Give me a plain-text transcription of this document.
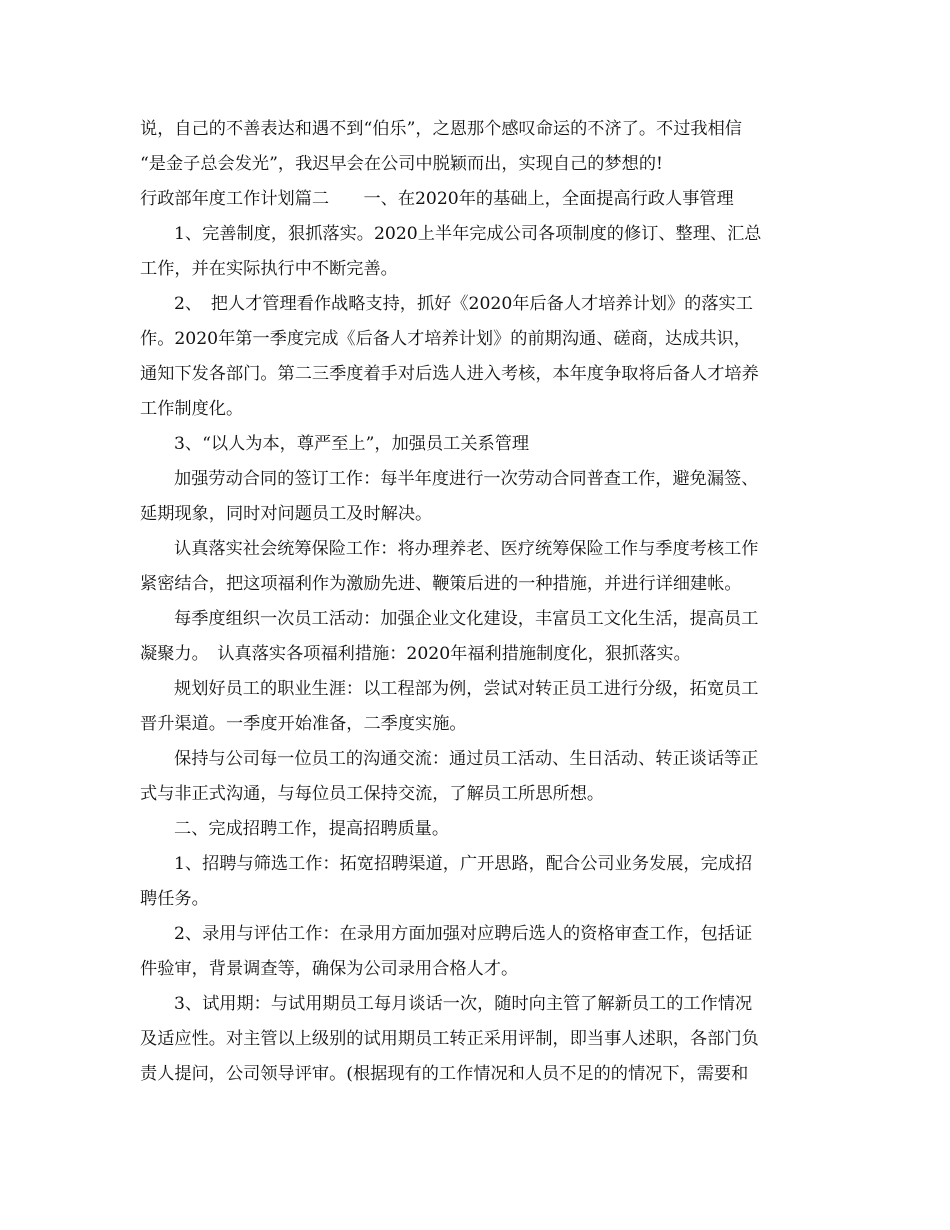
说，自己的不善表达和遇不到“伯乐”，之恩那个感叹命运的不济了。不过我相信
“是金子总会发光”，我迟早会在公司中脱颖而出，实现自己的梦想的!
行政部年度工作计划篇二　　一、在2020年的基础上，全面提高行政人事管理
1、完善制度，狠抓落实。2020上半年完成公司各项制度的修订、整理、汇总
工作，并在实际执行中不断完善。
2、　把人才管理看作战略支持，抓好《2020年后备人才培养计划》的落实工
作。2020年第一季度完成《后备人才培养计划》的前期沟通、磋商，达成共识，
通知下发各部门。第二三季度着手对后选人进入考核，本年度争取将后备人才培养
工作制度化。
3、“以人为本，尊严至上”，加强员工关系管理
加强劳动合同的签订工作：每半年度进行一次劳动合同普查工作，避免漏签、
延期现象，同时对问题员工及时解决。
认真落实社会统筹保险工作：将办理养老、医疗统筹保险工作与季度考核工作
紧密结合，把这项福利作为激励先进、鞭策后进的一种措施，并进行详细建帐。
每季度组织一次员工活动：加强企业文化建设，丰富员工文化生活，提高员工
凝聚力。　认真落实各项福利措施：2020年福利措施制度化，狠抓落实。
规划好员工的职业生涯：以工程部为例，尝试对转正员工进行分级，拓宽员工
晋升渠道。一季度开始准备，二季度实施。
保持与公司每一位员工的沟通交流：通过员工活动、生日活动、转正谈话等正
式与非正式沟通，与每位员工保持交流，了解员工所思所想。
二、完成招聘工作，提高招聘质量。
1、招聘与筛选工作：拓宽招聘渠道，广开思路，配合公司业务发展，完成招
聘任务。
2、录用与评估工作：在录用方面加强对应聘后选人的资格审查工作，包括证
件验审，背景调查等，确保为公司录用合格人才。
3、试用期：与试用期员工每月谈话一次，随时向主管了解新员工的工作情况
及适应性。对主管以上级别的试用期员工转正采用评制，即当事人述职，各部门负
责人提问，公司领导评审。(根据现有的工作情况和人员不足的的情况下，需要和
